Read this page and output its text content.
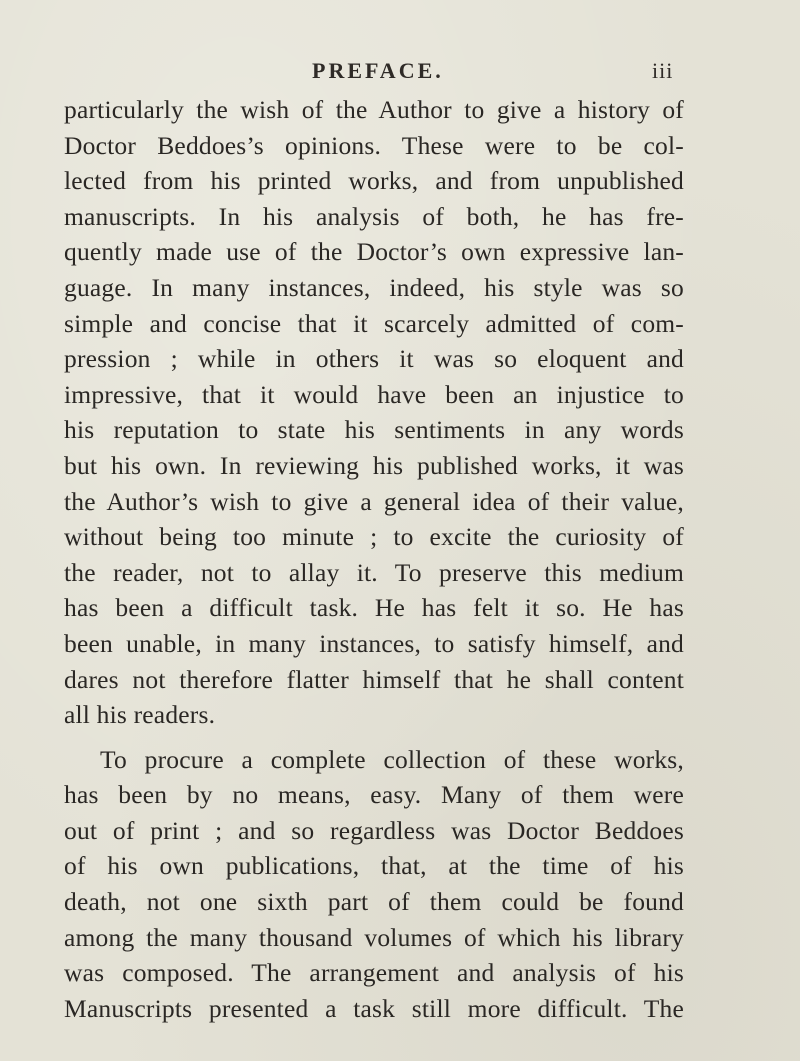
PREFACE.	iii
particularly the wish of the Author to give a history of
Doctor Beddoes’s opinions. These were to be col-
lected from his printed works, and from unpublished
manuscripts. In his analysis of both, he has fre-
quently made use of the Doctor’s own expressive lan-
guage. In many instances, indeed, his style was so
simple and concise that it scarcely admitted of com-
pression ; while in others it was so eloquent and
impressive, that it would have been an injustice to
his reputation to state his sentiments in any words
but his own. In reviewing his published works, it was
the Author’s wish to give a general idea of their value,
without being too minute ; to excite the curiosity of
the reader, not to allay it. To preserve this medium
has been a difficult task. He has felt it so. He has
been unable, in many instances, to satisfy himself, and
dares not therefore flatter himself that he shall content
all his readers.
To procure a complete collection of these works,
has been by no means, easy. Many of them were
out of print ; and so regardless was Doctor Beddoes
of his own publications, that, at the time of his
death, not one sixth part of them could be found
among the many thousand volumes of which his library
was composed. The arrangement and analysis of his
Manuscripts presented a task still more difficult. The
